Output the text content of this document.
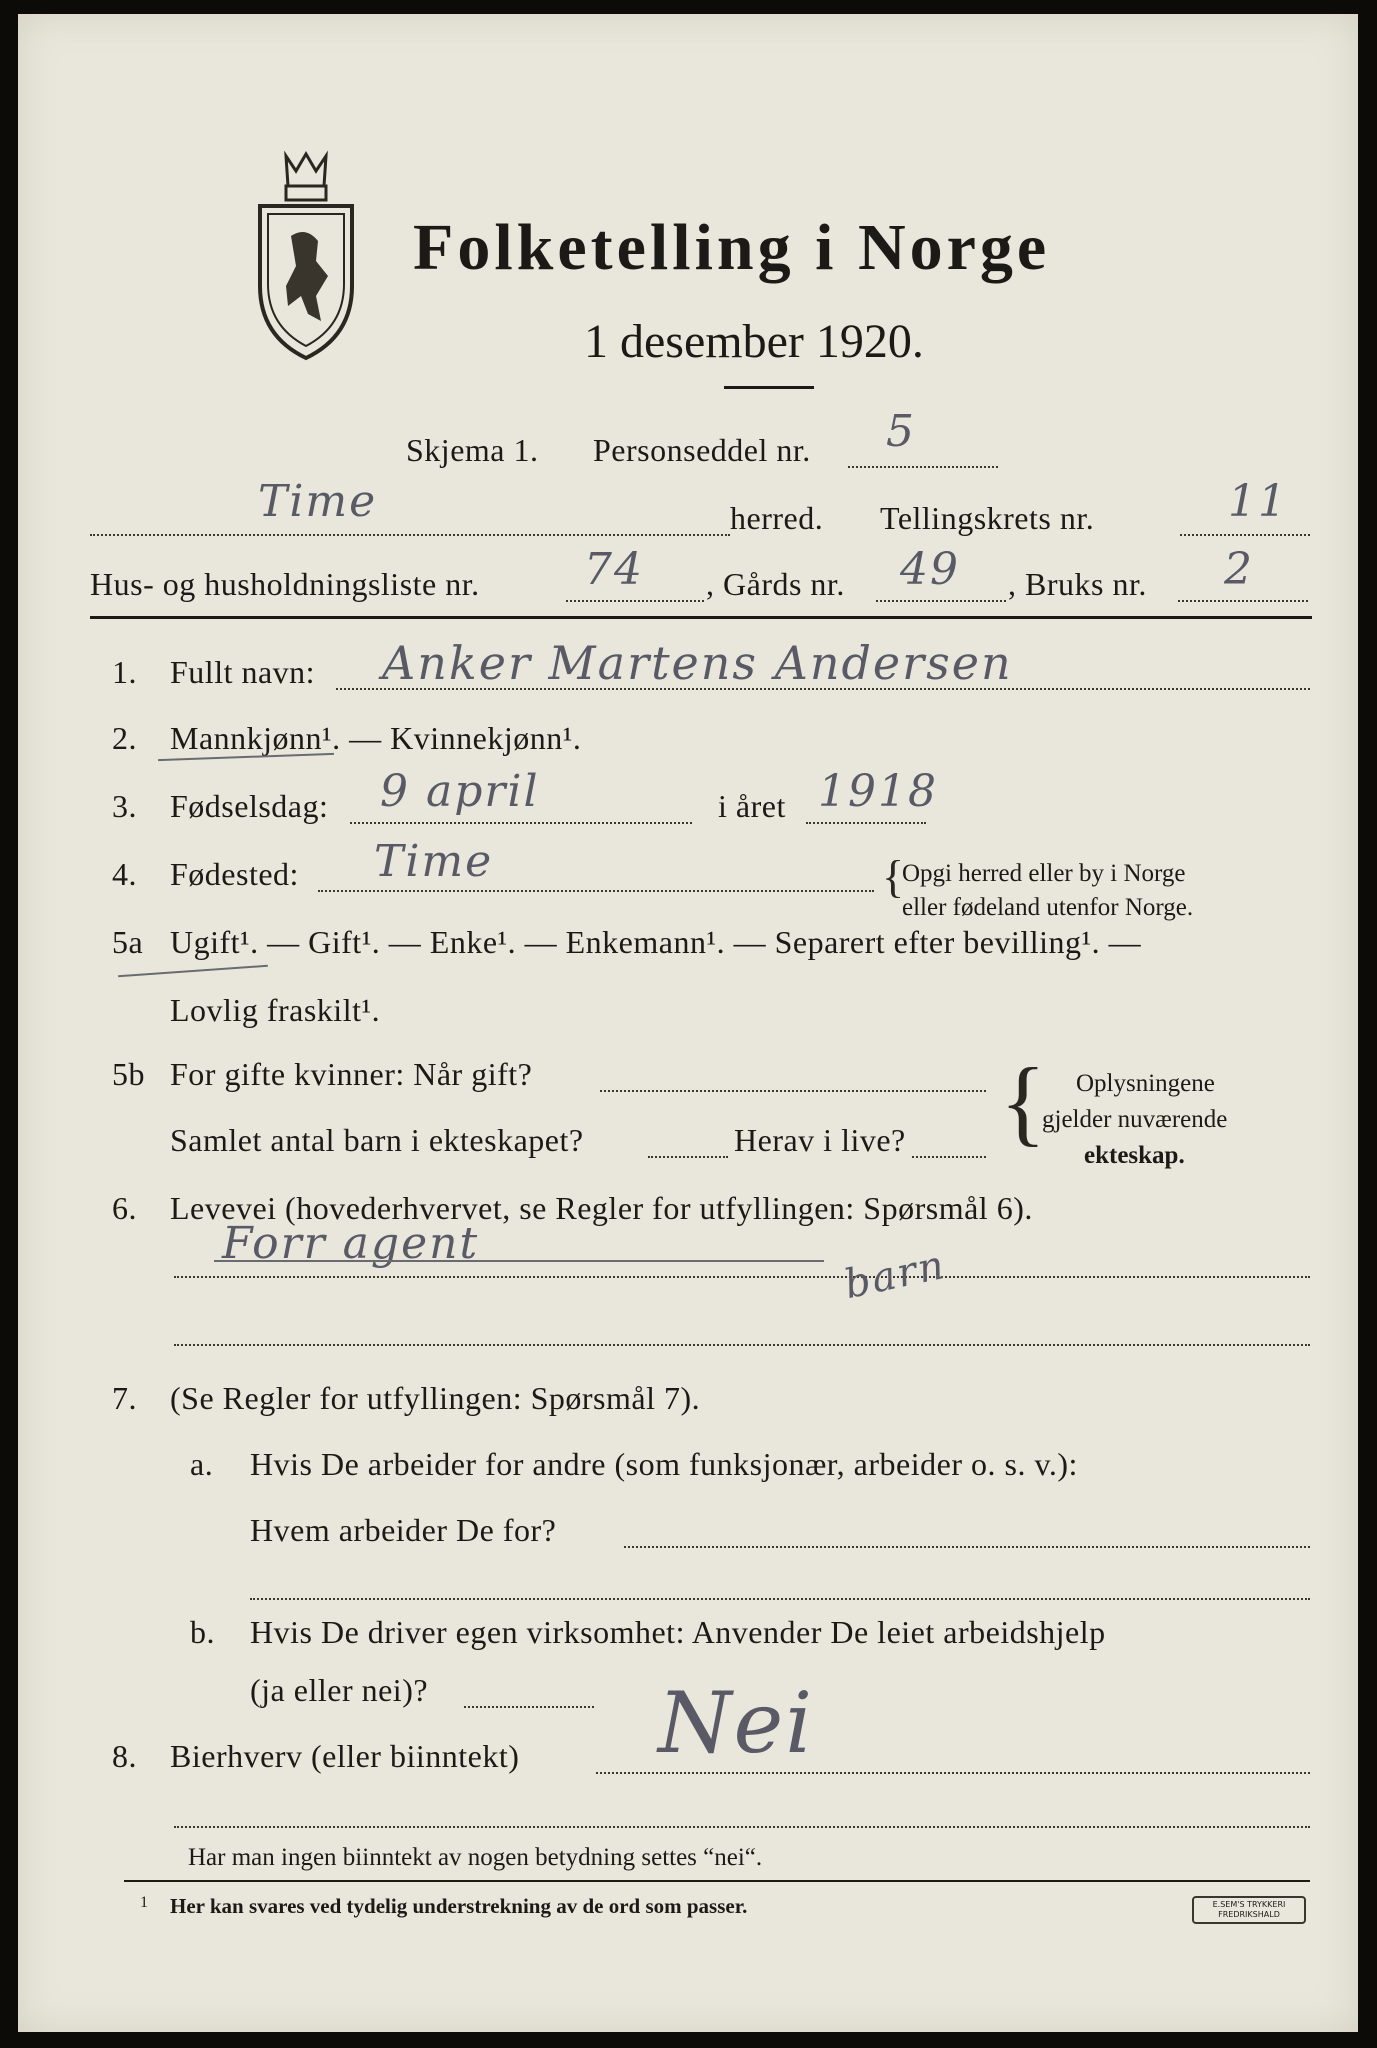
Folketelling i Norge
1 desember 1920.
Skjema 1. Personseddel nr. 5
Time	herred. Tellingskrets nr.	11
Hus- og husholdningsliste nr. 74 , Gårds nr. 49 , Bruks nr. 2
1. Fullt navn: Anker Martens Andersen
2. Mannkjønn¹. — Kvinnekjønn¹.
3. Fødselsdag: 9 april	i året 1918
4. Fødested: Time	{
Opgi herred eller by i Norge
eller fødeland utenfor Norge.
5a Ugift¹. — Gift¹. — Enke¹. — Enkemann¹. — Separert efter bevilling¹. —
Lovlig fraskilt¹.
5b For gifte kvinner: Når gift?
Samlet antal barn i ekteskapet?	Herav i live? { Oplysningene
gjelder nuværende
ekteskap.
6. Levevei (hovederhvervet, se Regler for utfyllingen: Spørsmål 6).
Forr agent	barn
7. (Se Regler for utfyllingen: Spørsmål 7).
a. Hvis De arbeider for andre (som funksjonær, arbeider o. s. v.):
Hvem arbeider De for?
b. Hvis De driver egen virksomhet: Anvender De leiet arbeidshjelp
(ja eller nei)?
8. Bierhverv (eller biinntekt) Nei
Har man ingen biinntekt av nogen betydning settes “nei“.
1 Her kan svares ved tydelig understrekning av de ord som passer.	E.SEM'S TRYKKERI
FREDRIKSHALD
